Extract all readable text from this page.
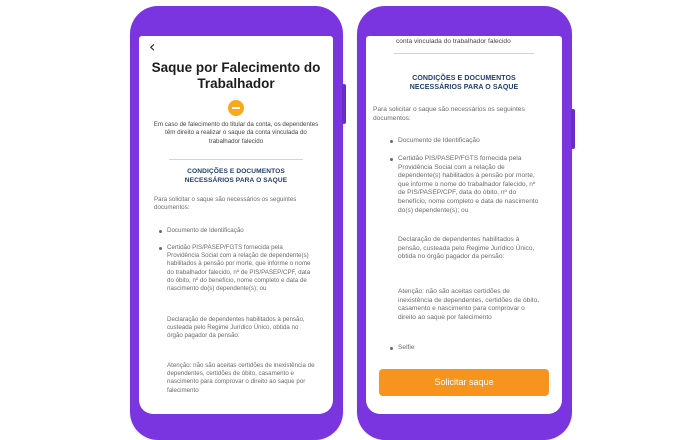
‹
Saque por Falecimento do Trabalhador
Em caso de falecimento do titular da conta, os dependentes têm direito a realizar o saque da conta vinculada do trabalhador falecido
CONDIÇÕES E DOCUMENTOS NECESSÁRIOS PARA O SAQUE
Para solicitar o saque são necessários os seguintes documentos:
Documento de Identificação
Certidão PIS/PASEP/FGTS fornecida pela Providência Social com a relação de dependente(s) habilitados à pensão por morte, que informe o nome do trabalhador falecido, nº de PIS/PASEP/CPF, data do óbito, nº do benefício, nome completo e data de nascimento do(s) dependente(s); ou
Declaração de dependentes habilitados à pensão, custeada pelo Regime Jurídico Único, obtida no órgão pagador da pensão:
Atenção: não são aceitas certidões de inexistência de dependentes, certidões de óbito, casamento e nascimento para comprovar o direito ao saque por falecimento
conta vinculada do trabalhador falecido
CONDIÇÕES E DOCUMENTOS NECESSÁRIOS PARA O SAQUE
Para solicitar o saque são necessários os seguintes documentos:
Documento de Identificação
Certidão PIS/PASEP/FGTS fornecida pela Providência Social com a relação de dependente(s) habilitados à pensão por morte, que informe o nome do trabalhador falecido, nº de PIS/PASEP/CPF, data do óbito, nº do benefício, nome completo e data de nascimento do(s) dependente(s); ou
Declaração de dependentes habilitados à pensão, custeada pelo Regime Jurídico Único, obtida no órgão pagador da pensão:
Atenção: não são aceitas certidões de inexistência de dependentes, certidões de óbito, casamento e nascimento para comprovar o direito ao saque por falecimento
Selfie
Solicitar saque
